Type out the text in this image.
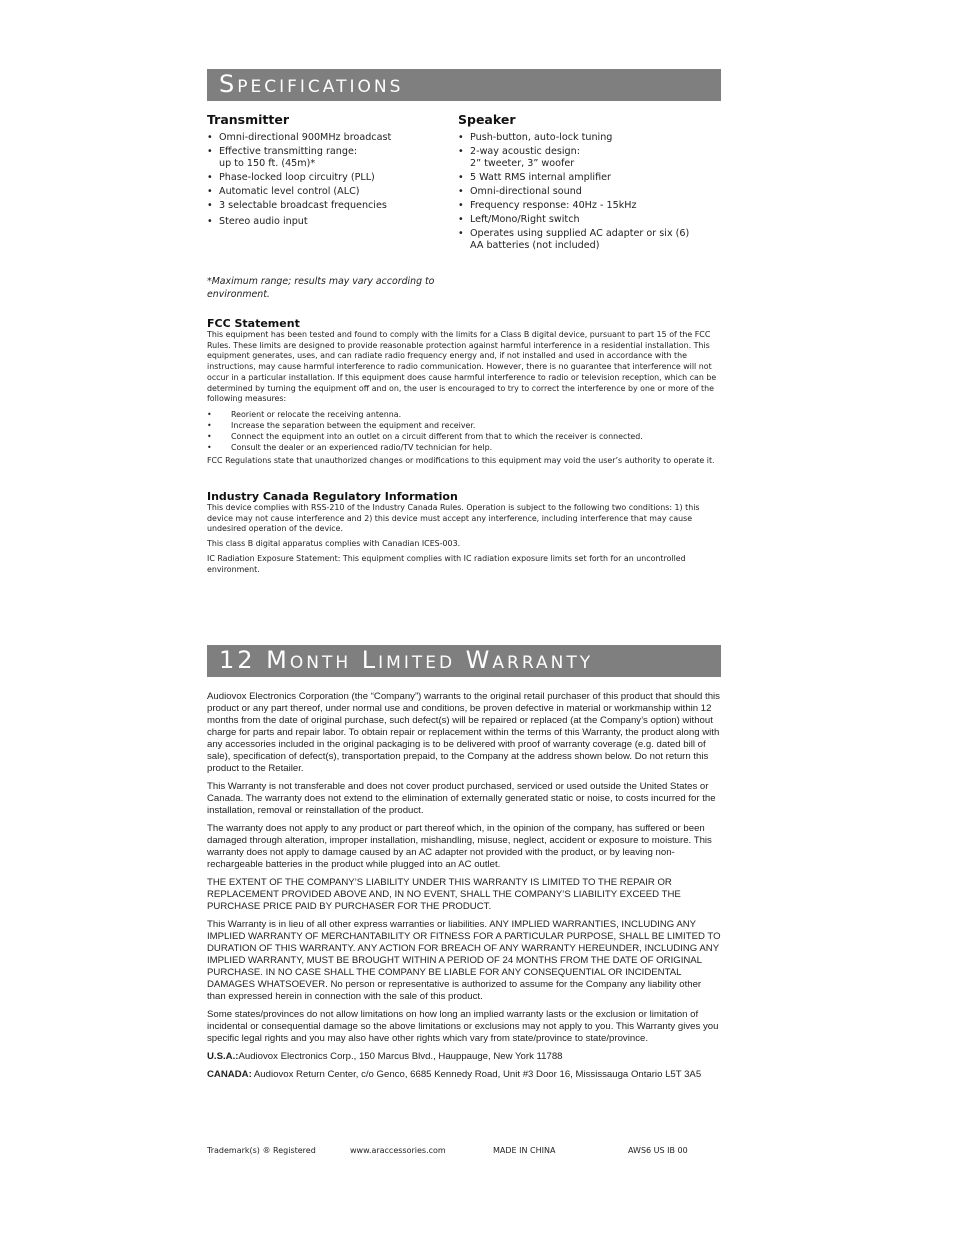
Specifications
Transmitter
• Omni-directional 900MHz broadcast
• Effective transmitting range:
up to 150 ft. (45m)*
• Phase-locked loop circuitry (PLL)
• Automatic level control (ALC)
• 3 selectable broadcast frequencies
• Stereo audio input
Speaker
• Push-button, auto-lock tuning
• 2-way acoustic design:
2” tweeter, 3” woofer
• 5 Watt RMS internal amplifier
• Omni-directional sound
• Frequency response: 40Hz - 15kHz
• Left/Mono/Right switch
• Operates using supplied AC adapter or six (6)
AA batteries (not included)
*Maximum range; results may vary according to environment.
FCC Statement

This equipment has been tested and found to comply with the limits for a Class B digital device, pursuant to part 15 of the FCC Rules. These limits are designed to provide reasonable protection against harmful interference in a residential installation. This equipment generates, uses, and can radiate radio frequency energy and, if not installed and used in accordance with the instructions, may cause harmful interference to radio communication. However, there is no guarantee that interference will not occur in a particular installation. If this equipment does cause harmful interference to radio or television reception, which can be determined by turning the equipment off and on, the user is encouraged to try to correct the interference by one or more of the following measures:

• Reorient or relocate the receiving antenna.
• Increase the separation between the equipment and receiver.
• Connect the equipment into an outlet on a circuit different from that to which the receiver is connected.
• Consult the dealer or an experienced radio/TV technician for help.

FCC Regulations state that unauthorized changes or modifications to this equipment may void the user’s authority to operate it.

Industry Canada Regulatory Information

This device complies with RSS-210 of the Industry Canada Rules. Operation is subject to the following two conditions: 1) this device may not cause interference and 2) this device must accept any interference, including interference that may cause undesired operation of the device.

This class B digital apparatus complies with Canadian ICES-003.

IC Radiation Exposure Statement: This equipment complies with IC radiation exposure limits set forth for an uncontrolled environment.

12 Month Limited Warranty

Audiovox Electronics Corporation (the “Company”) warrants to the original retail purchaser of this product that should this product or any part thereof, under normal use and conditions, be proven defective in material or workmanship within 12 months from the date of original purchase, such defect(s) will be repaired or replaced (at the Company’s option) without charge for parts and repair labor. To obtain repair or replacement within the terms of this Warranty, the product along with any accessories included in the original packaging is to be delivered with proof of warranty coverage (e.g. dated bill of sale), specification of defect(s), transportation prepaid, to the Company at the address shown below. Do not return this product to the Retailer.

This Warranty is not transferable and does not cover product purchased, serviced or used outside the United States or Canada. The warranty does not extend to the elimination of externally generated static or noise, to costs incurred for the installation, removal or reinstallation of the product.

The warranty does not apply to any product or part thereof which, in the opinion of the company, has suffered or been damaged through alteration, improper installation, mishandling, misuse, neglect, accident or exposure to moisture. This warranty does not apply to damage caused by an AC adapter not provided with the product, or by leaving non-rechargeable batteries in the product while plugged into an AC outlet.

THE EXTENT OF THE COMPANY’S LIABILITY UNDER THIS WARRANTY IS LIMITED TO THE REPAIR OR REPLACEMENT PROVIDED ABOVE AND, IN NO EVENT, SHALL THE COMPANY’S LIABILITY EXCEED THE PURCHASE PRICE PAID BY PURCHASER FOR THE PRODUCT.

This Warranty is in lieu of all other express warranties or liabilities. ANY IMPLIED WARRANTIES, INCLUDING ANY IMPLIED WARRANTY OF MERCHANTABILITY OR FITNESS FOR A PARTICULAR PURPOSE, SHALL BE LIMITED TO DURATION OF THIS WARRANTY. ANY ACTION FOR BREACH OF ANY WARRANTY HEREUNDER, INCLUDING ANY IMPLIED WARRANTY, MUST BE BROUGHT WITHIN A PERIOD OF 24 MONTHS FROM THE DATE OF ORIGINAL PURCHASE. IN NO CASE SHALL THE COMPANY BE LIABLE FOR ANY CONSEQUENTIAL OR INCIDENTAL DAMAGES WHATSOEVER. No person or representative is authorized to assume for the Company any liability other than expressed herein in connection with the sale of this product.

Some states/provinces do not allow limitations on how long an implied warranty lasts or the exclusion or limitation of incidental or consequential damage so the above limitations or exclusions may not apply to you. This Warranty gives you specific legal rights and you may also have other rights which vary from state/province to state/province.

U.S.A.:Audiovox Electronics Corp., 150 Marcus Blvd., Hauppauge, New York 11788

CANADA: Audiovox Return Center, c/o Genco, 6685 Kennedy Road, Unit #3 Door 16, Mississauga Ontario L5T 3A5

Trademark(s) ® Registered	www.araccessories.com	MADE IN CHINA	AWS6 US IB 00
